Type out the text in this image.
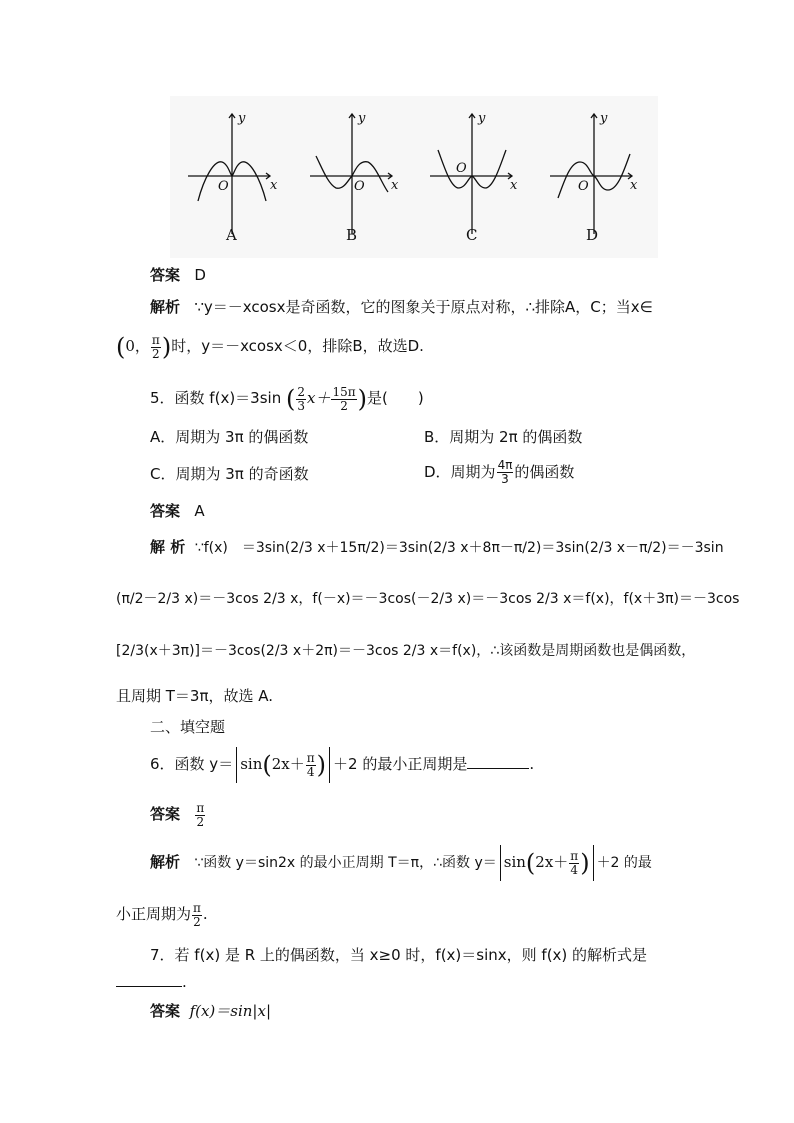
y
x
O
y
x
O
y
x
O
y
x
O
A	B	C	D
答案 D
解析 ∵y＝－xcosx是奇函数，它的图象关于原点对称，∴排除A，C；当x∈
(0， $\frac{\pi}{2}$ )时，y＝－xcosx＜0，排除B，故选D.
5．函数 f(x)＝3sin ( $\frac{2}{3} x+ \frac{15\pi}{2}$ )是(　　)
A．周期为 3π 的偶函数	B．周期为 2π 的偶函数
C．周期为 3π 的奇函数	D．周期为 $\frac{4\pi}{3}$ 的偶函数
答案 A
解 析 ∵f(x)　＝3sin(2/3 x＋15π/2)＝3sin(2/3 x＋8π－π/2)＝3sin(2/3 x－π/2)＝－3sin
(π/2－2/3 x)＝－3cos 2/3 x，f(－x)＝－3cos(－2/3 x)＝－3cos 2/3 x＝f(x)，f(x＋3π)＝－3cos
[2/3(x＋3π)]＝－3cos(2/3 x＋2π)＝－3cos 2/3 x＝f(x)，∴该函数是周期函数也是偶函数，
且周期 T＝3π，故选 A.
二、填空题
6．函数 $y= \sin(2x+ \frac{\pi}{4}$ ) ＋2 的最小正周期是	.
答案 $\frac{\pi}{2}$
解析 ∵函数 y＝sin2x 的最小正周期 T＝π，∴函数 $y= \sin(2x+ \frac{\pi}{4}$ ) ＋2 的最
小正周期为 $\frac{\pi}{2}$ .
7．若 f(x) 是 R 上的偶函数，当 x≥0 时，f(x)＝sinx，则 f(x) 的解析式是
.
答案 f(x)＝sin|x|
